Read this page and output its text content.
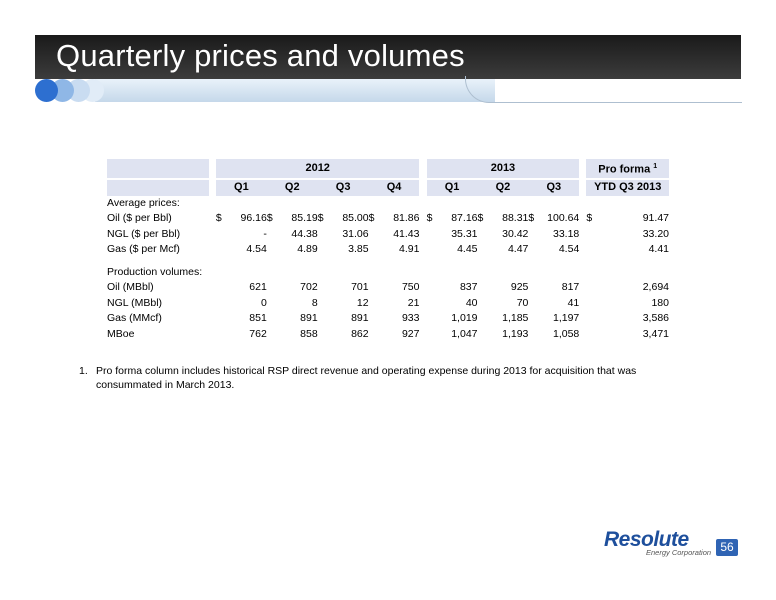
Quarterly prices and volumes
		2012									2013							Pro forma $^1$
		Q1		Q2		Q3		Q4			Q1		Q2		Q3			YTD Q3 2013	
Average prices:																			
Oil ($ per Bbl)		$	96.16	$	85.19	$	85.00	$	81.86		$	87.16	$	88.31	$	100.64		$	91.47
NGL ($ per Bbl)		-		44.38		31.06		41.43			35.31		30.42		33.18			33.20	
Gas ($ per Mcf)		4.54		4.89		3.85		4.91			4.45		4.47		4.54			4.41	

Production volumes:																			
Oil (MBbl)		621		702		701		750			837		925		817			2,694	
NGL (MBbl)		0		8		12		21			40		70		41			180	
Gas (MMcf)		851		891		891		933			1,019		1,185		1,197			3,586	
MBoe		762		858		862		927			1,047		1,193		1,058			3,471	
1. Pro forma column includes historical RSP direct revenue and operating expense during 2013 for acquisition that was consummated in March 2013.
Resolute
Energy Corporation 56
